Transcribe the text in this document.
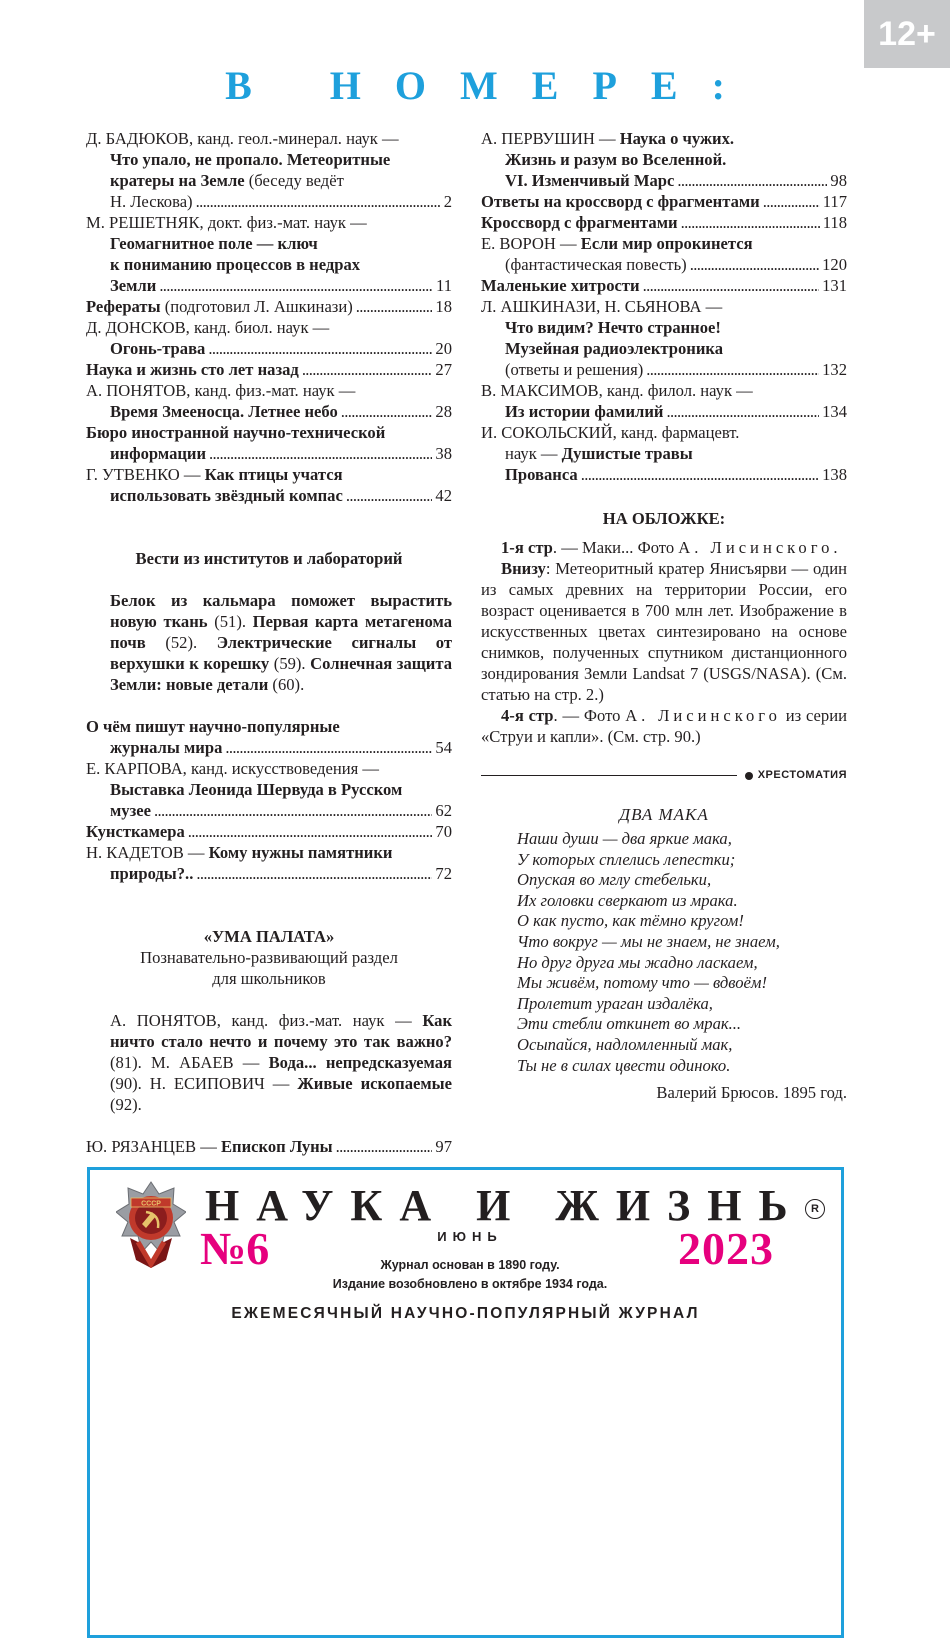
12+
В НОМЕРЕ:
Д. БАДЮКОВ, канд. геол.-минерал. наук —
Что упало, не пропало. Метеоритные
кратеры на Земле (беседу ведёт
Н. Лескова) . . .	2
М. РЕШЕТНЯК, докт. физ.-мат. наук —
Геомагнитное поле — ключ
к пониманию процессов в недрах
Земли . . .	11
Рефераты (подготовил Л. Ашкинази) . . .	18
Д. ДОНСКОВ, канд. биол. наук —
Огонь-трава . . .	20
Наука и жизнь сто лет назад . . .	27
А. ПОНЯТОВ, канд. физ.-мат. наук —
Время Змееносца. Летнее небо . . .	28
Бюро иностранной научно-технической
информации . . .	38
Г. УТВЕНКО — Как птицы учатся
использовать звёздный компас . . .	42
Вести из институтов и лабораторий
Белок из кальмара поможет вырастить новую ткань (51). Первая карта метагенома почв (52). Электрические сигналы от верхушки к корешку (59). Солнечная защита Земли: новые детали (60).
О чём пишут научно-популярные
журналы мира . . .	54
Е. КАРПОВА, канд. искусствоведения —
Выставка Леонида Шервуда в Русском
музее . . .	62
Кунсткамера . . .	70
Н. КАДЕТОВ — Кому нужны памятники
природы?.. . . .	72
«УМА ПАЛАТА»
Познавательно-развивающий раздел
для школьников
А. ПОНЯТОВ, канд. физ.-мат. наук — Как ничто стало нечто и почему это так важно? (81). М. АБАЕВ — Вода... непредсказуемая (90). Н. ЕСИПОВИЧ — Живые ископаемые (92).
Ю. РЯЗАНЦЕВ — Епископ Луны . . .	97
А. ПЕРВУШИН — Наука о чужих.
Жизнь и разум во Вселенной.
VI. Изменчивый Марс . . .	98
Ответы на кроссворд с фрагментами . . .	117
Кроссворд с фрагментами . . .	118
Е. ВОРОН — Если мир опрокинется
(фантастическая повесть) . . .	120
Маленькие хитрости . . .	131
Л. АШКИНАЗИ, Н. СЬЯНОВА —
Что видим? Нечто странное!
Музейная радиоэлектроника
(ответы и решения) . . .	132
В. МАКСИМОВ, канд. филол. наук —
Из истории фамилий . . .	134
И. СОКОЛЬСКИЙ, канд. фармацевт.
наук — Душистые травы
Прованса . . .	138
НА ОБЛОЖКЕ:
1-я стр. — Маки... Фото А. Лисинского.
Внизу: Метеоритный кратер Янисъярви — один из самых древних на территории России, его возраст оценивается в 700 млн лет. Изображение в искусственных цветах синтезировано на основе снимков, полученных спутником дистанционного зондирования Земли Landsat 7 (USGS/NASA). (См. статью на стр. 2.)
4-я стр. — Фото А. Лисинского из серии «Струи и капли». (См. стр. 90.)
ХРЕСТОМАТИЯ
ДВА МАКА
Наши души — два яркие мака,
У которых сплелись лепестки;
Опуская во мглу стебельки,
Их головки сверкают из мрака.
О как пусто, как тёмно кругом!
Что вокруг — мы не знаем, не знаем,
Но друг друга мы жадно ласкаем,
Мы живём, потому что — вдвоём!
Пролетит ураган издалёка,
Эти стебли откинет во мрак...
Осыпайся, надломленный мак,
Ты не в силах цвести одиноко.
Валерий Брюсов. 1895 год.
СССР НАУКА И ЖИЗНЬ R
№6	ИЮНЬ	2023
Журнал основан в 1890 году.
Издание возобновлено в октябре 1934 года.
ЕЖЕМЕСЯЧНЫЙ НАУЧНО-ПОПУЛЯРНЫЙ ЖУРНАЛ
